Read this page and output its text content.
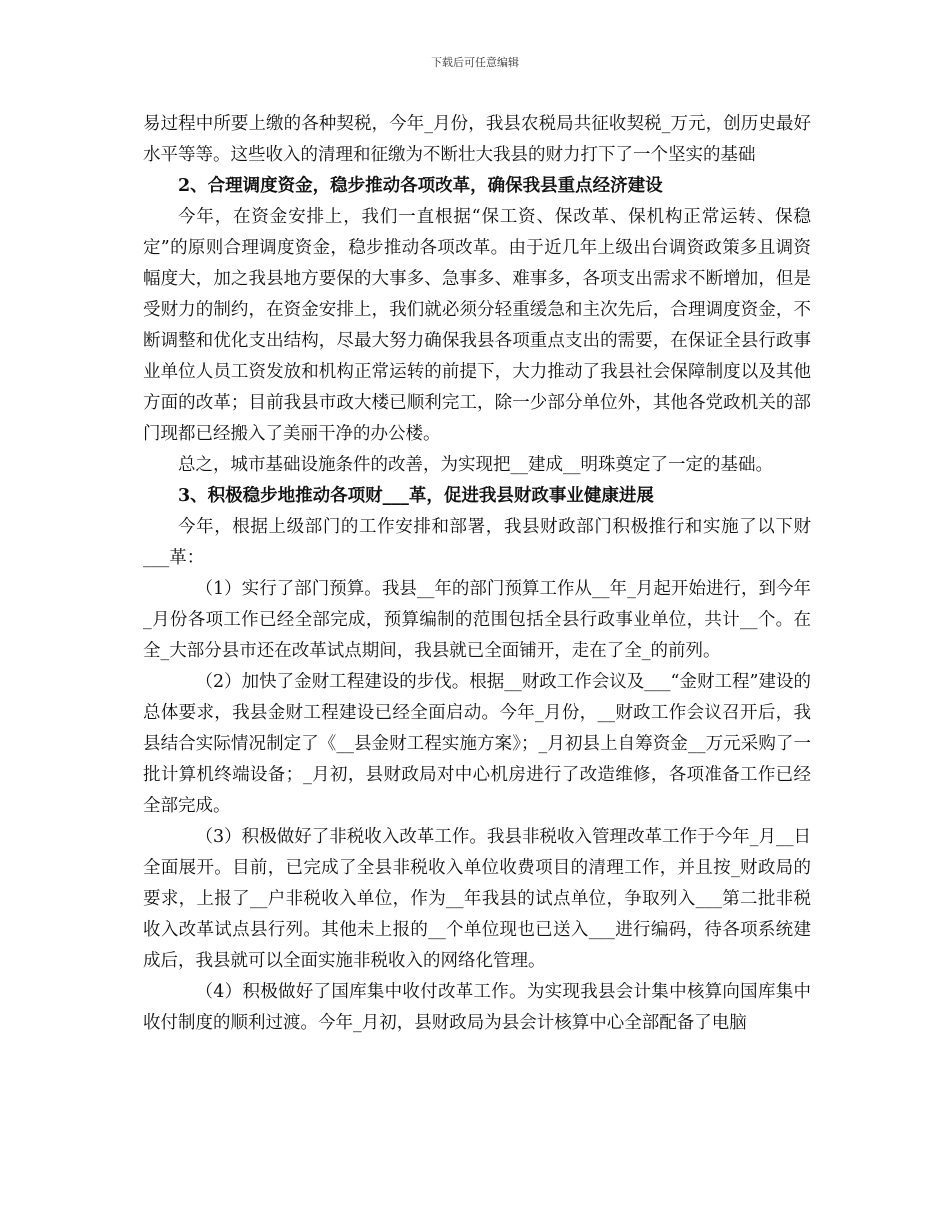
下载后可任意编辑

易过程中所要上缴的各种契税，今年_月份，我县农税局共征收契税_万元，创历史最好水平等等。这些收入的清理和征缴为不断壮大我县的财力打下了一个坚实的基础

2、合理调度资金，稳步推动各项改革，确保我县重点经济建设

今年，在资金安排上，我们一直根据“保工资、保改革、保机构正常运转、保稳定”的原则合理调度资金，稳步推动各项改革。由于近几年上级出台调资政策多且调资幅度大，加之我县地方要保的大事多、急事多、难事多，各项支出需求不断增加，但是受财力的制约，在资金安排上，我们就必须分轻重缓急和主次先后，合理调度资金，不断调整和优化支出结构，尽最大努力确保我县各项重点支出的需要，在保证全县行政事业单位人员工资发放和机构正常运转的前提下，大力推动了我县社会保障制度以及其他方面的改革；目前我县市政大楼已顺利完工，除一少部分单位外，其他各党政机关的部门现都已经搬入了美丽干净的办公楼。

总之，城市基础设施条件的改善，为实现把__建成__明珠奠定了一定的基础。

3、积极稳步地推动各项财___革，促进我县财政事业健康进展

今年，根据上级部门的工作安排和部署，我县财政部门积极推行和实施了以下财___革：

（1）实行了部门预算。我县__年的部门预算工作从__年_月起开始进行，到今年_月份各项工作已经全部完成，预算编制的范围包括全县行政事业单位，共计__个。在全_大部分县市还在改革试点期间，我县就已全面铺开，走在了全_的前列。

（2）加快了金财工程建设的步伐。根据__财政工作会议及___“金财工程”建设的总体要求，我县金财工程建设已经全面启动。今年_月份，__财政工作会议召开后，我县结合实际情况制定了《__县金财工程实施方案》；_月初县上自筹资金__万元采购了一批计算机终端设备；_月初，县财政局对中心机房进行了改造维修，各项准备工作已经全部完成。

（3）积极做好了非税收入改革工作。我县非税收入管理改革工作于今年_月__日全面展开。目前，已完成了全县非税收入单位收费项目的清理工作，并且按_财政局的要求，上报了__户非税收入单位，作为__年我县的试点单位，争取列入___第二批非税收入改革试点县行列。其他未上报的__个单位现也已送入___进行编码，待各项系统建成后，我县就可以全面实施非税收入的网络化管理。

（4）积极做好了国库集中收付改革工作。为实现我县会计集中核算向国库集中收付制度的顺利过渡。今年_月初，县财政局为县会计核算中心全部配备了电脑
